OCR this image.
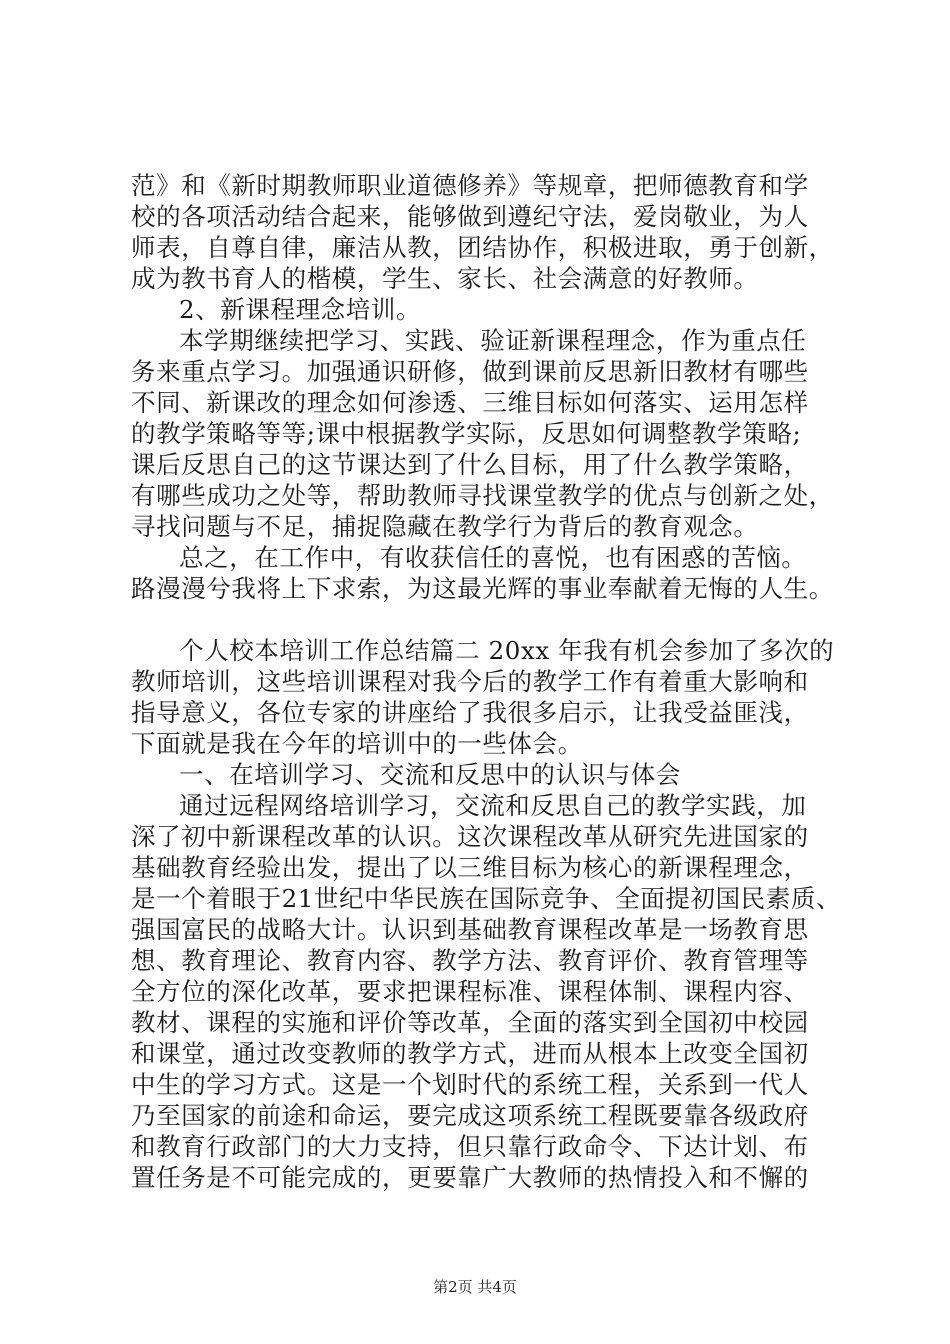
范》和《新时期教师职业道德修养》等规章，把师德教育和学
校的各项活动结合起来，能够做到遵纪守法，爱岗敬业，为人
师表，自尊自律，廉洁从教，团结协作，积极进取，勇于创新，
成为教书育人的楷模，学生、家长、社会满意的好教师。
2、新课程理念培训。
本学期继续把学习、实践、验证新课程理念，作为重点任
务来重点学习。加强通识研修，做到课前反思新旧教材有哪些
不同、新课改的理念如何渗透、三维目标如何落实、运用怎样
的教学策略等等;课中根据教学实际，反思如何调整教学策略;
课后反思自己的这节课达到了什么目标，用了什么教学策略，
有哪些成功之处等，帮助教师寻找课堂教学的优点与创新之处，
寻找问题与不足，捕捉隐藏在教学行为背后的教育观念。
总之，在工作中，有收获信任的喜悦，也有困惑的苦恼。
路漫漫兮我将上下求索，为这最光辉的事业奉献着无悔的人生。
个人校本培训工作总结篇二 20xx 年我有机会参加了多次的
教师培训，这些培训课程对我今后的教学工作有着重大影响和
指导意义，各位专家的讲座给了我很多启示，让我受益匪浅，
下面就是我在今年的培训中的一些体会。
一、在培训学习、交流和反思中的认识与体会
通过远程网络培训学习，交流和反思自己的教学实践，加
深了初中新课程改革的认识。这次课程改革从研究先进国家的
基础教育经验出发，提出了以三维目标为核心的新课程理念，
是一个着眼于21世纪中华民族在国际竞争、全面提初国民素质、
强国富民的战略大计。认识到基础教育课程改革是一场教育思
想、教育理论、教育内容、教学方法、教育评价、教育管理等
全方位的深化改革，要求把课程标准、课程体制、课程内容、
教材、课程的实施和评价等改革，全面的落实到全国初中校园
和课堂，通过改变教师的教学方式，进而从根本上改变全国初
中生的学习方式。这是一个划时代的系统工程，关系到一代人
乃至国家的前途和命运，要完成这项系统工程既要靠各级政府
和教育行政部门的大力支持，但只靠行政命令、下达计划、布
置任务是不可能完成的，更要靠广大教师的热情投入和不懈的
第2页 共4页
